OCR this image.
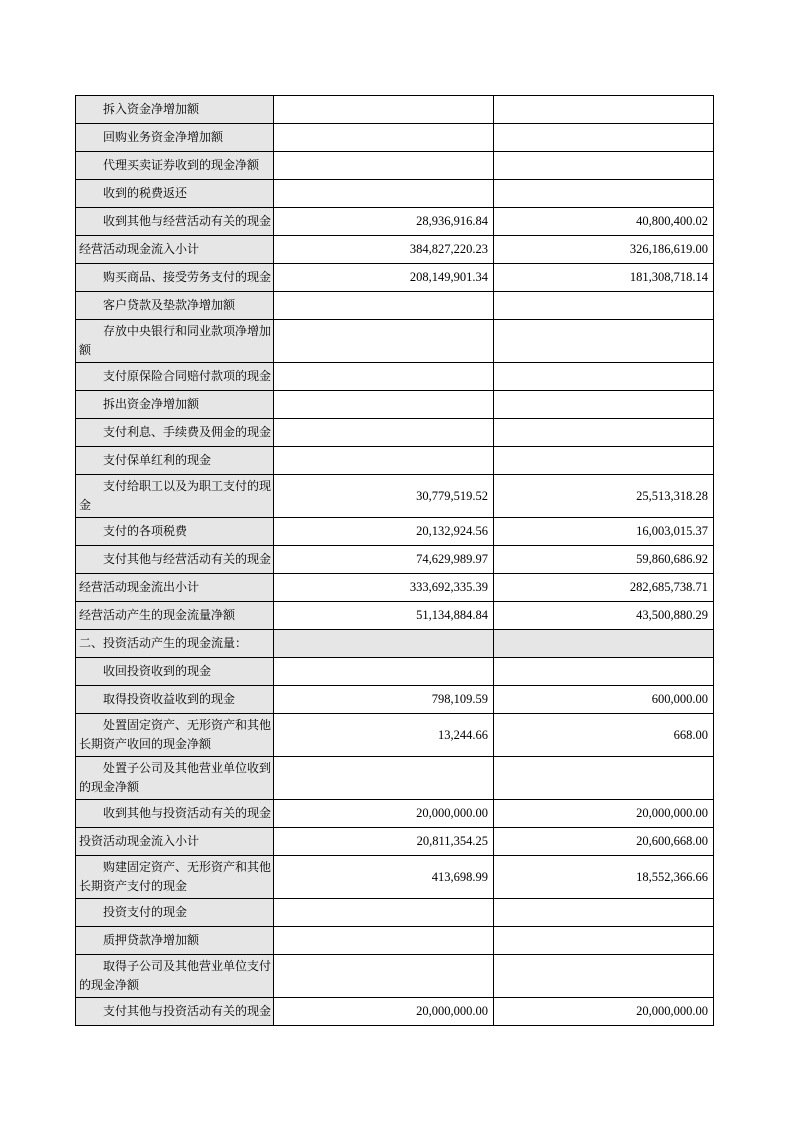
拆入资金净增加额		
回购业务资金净增加额		
代理买卖证券收到的现金净额		
收到的税费返还		
收到其他与经营活动有关的现金	28,936,916.84	40,800,400.02
经营活动现金流入小计	384,827,220.23	326,186,619.00
购买商品、接受劳务支付的现金	208,149,901.34	181,308,718.14
客户贷款及垫款净增加额		
存放中央银行和同业款项净增加额		
支付原保险合同赔付款项的现金		
拆出资金净增加额		
支付利息、手续费及佣金的现金		
支付保单红利的现金		
支付给职工以及为职工支付的现金	30,779,519.52	25,513,318.28
支付的各项税费	20,132,924.56	16,003,015.37
支付其他与经营活动有关的现金	74,629,989.97	59,860,686.92
经营活动现金流出小计	333,692,335.39	282,685,738.71
经营活动产生的现金流量净额	51,134,884.84	43,500,880.29
二、投资活动产生的现金流量：		
收回投资收到的现金		
取得投资收益收到的现金	798,109.59	600,000.00
处置固定资产、无形资产和其他长期资产收回的现金净额	13,244.66	668.00
处置子公司及其他营业单位收到的现金净额		
收到其他与投资活动有关的现金	20,000,000.00	20,000,000.00
投资活动现金流入小计	20,811,354.25	20,600,668.00
购建固定资产、无形资产和其他长期资产支付的现金	413,698.99	18,552,366.66
投资支付的现金		
质押贷款净增加额		
取得子公司及其他营业单位支付的现金净额		
支付其他与投资活动有关的现金	20,000,000.00	20,000,000.00
